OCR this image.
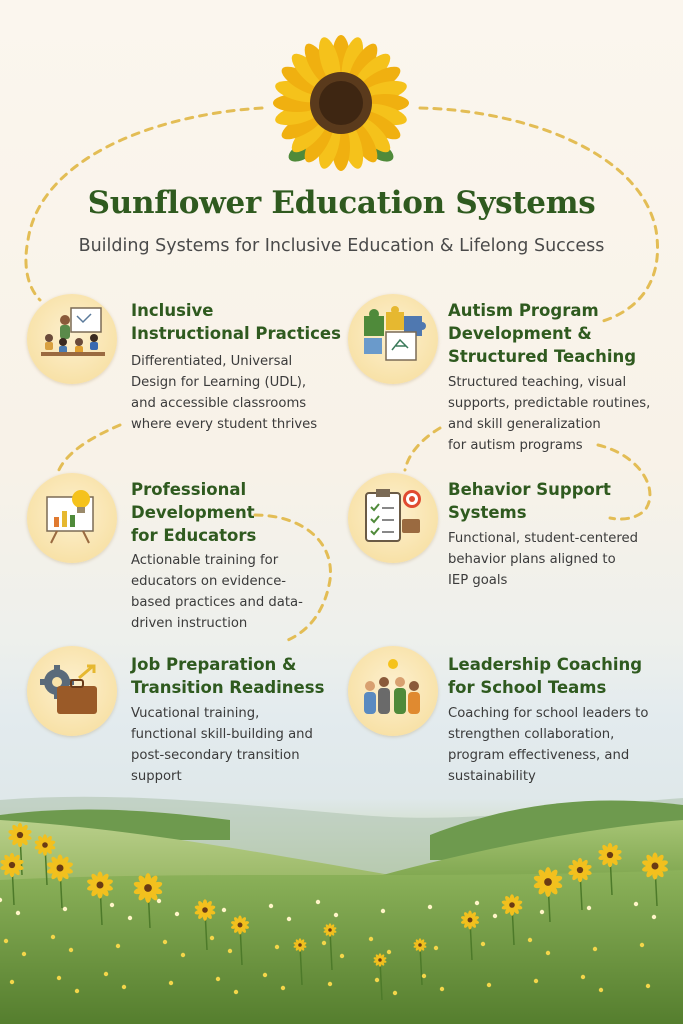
Sunflower Education Systems
Building Systems for Inclusive Education & Lifelong Success
Inclusive
Instructional Practices
Differentiated, Universal
Design for Learning (UDL),
and accessible classrooms
where every student thrives
Autism Program
Development &
Structured Teaching
Structured teaching, visual
supports, predictable routines,
and skill generalization
for autism programs
Professional
Development
for Educators
Actionable training for
educators on evidence-
based practices and data-
driven instruction
Behavior Support
Systems
Functional, student-centered
behavior plans aligned to
IEP goals
Job Preparation &
Transition Readiness
Vucational training,
functional skill-building and
post-secondary transition
support
Leadership Coaching
for School Teams
Coaching for school leaders to
strengthen collaboration,
program effectiveness, and
sustainability
